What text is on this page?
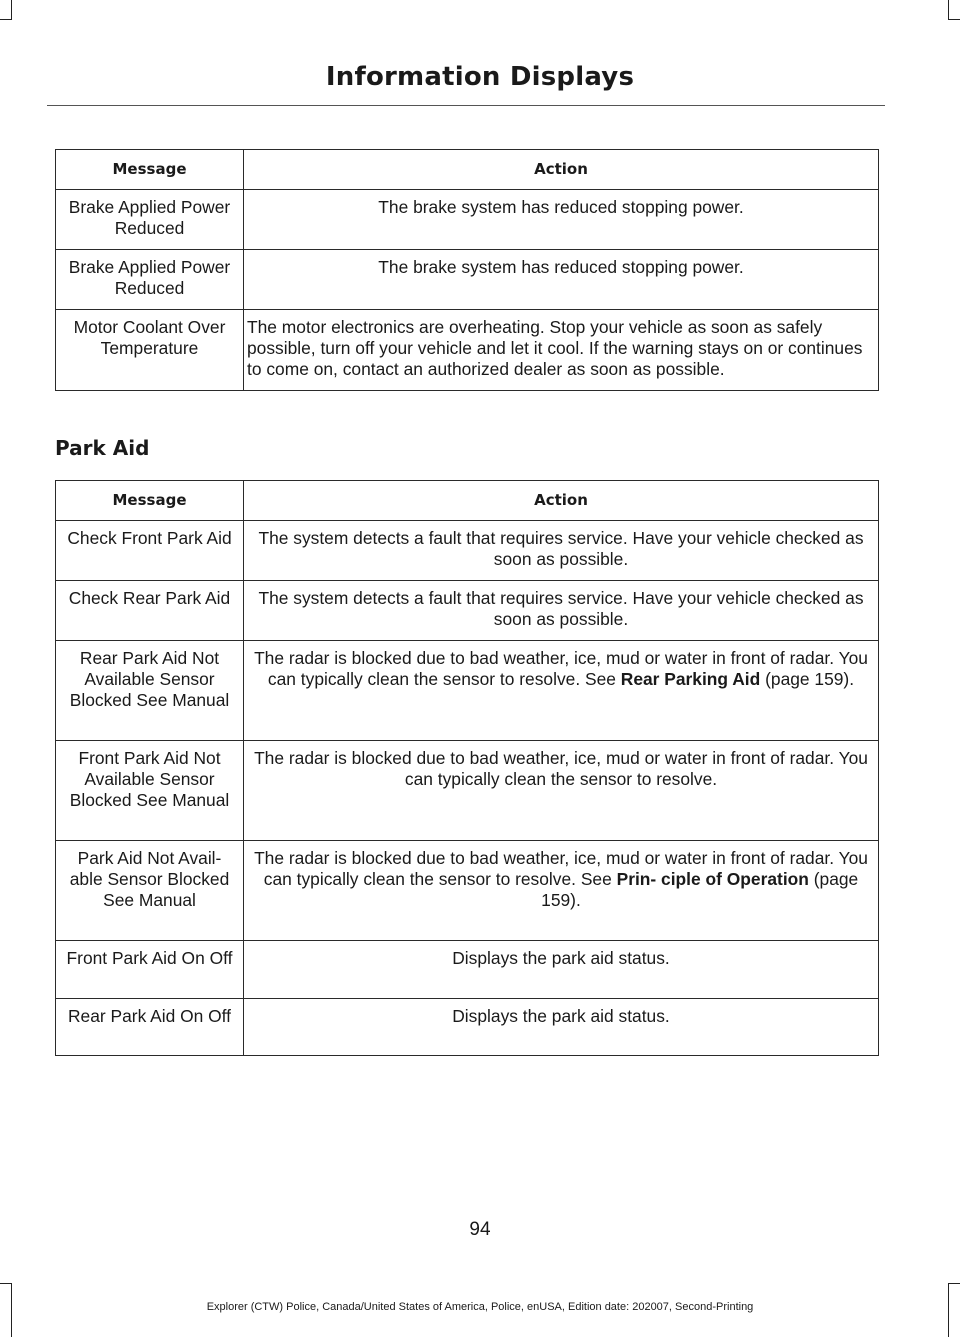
Information Displays
Message	Action
Brake Applied Power Reduced	The brake system has reduced stopping power.
Brake Applied Power Reduced	The brake system has reduced stopping power.
Motor Coolant Over Temperature	The motor electronics are overheating. Stop your vehicle as soon as safely possible, turn off your vehicle and let it cool. If the warning stays on or continues to come on, contact an authorized dealer as soon as possible.
Park Aid
Message	Action
Check Front Park Aid	The system detects a fault that requires service. Have your vehicle checked as soon as possible.
Check Rear Park Aid	The system detects a fault that requires service. Have your vehicle checked as soon as possible.
Rear Park Aid Not Available Sensor Blocked See Manual	The radar is blocked due to bad weather, ice, mud or water in front of radar. You can typically clean the sensor to resolve. See Rear Parking Aid (page 159).
Front Park Aid Not Available Sensor Blocked See Manual	The radar is blocked due to bad weather, ice, mud or water in front of radar. You can typically clean the sensor to resolve.
Park Aid Not Avail- able Sensor Blocked See Manual	The radar is blocked due to bad weather, ice, mud or water in front of radar. You can typically clean the sensor to resolve. See Prin- ciple of Operation (page 159).
Front Park Aid On Off	Displays the park aid status.
Rear Park Aid On Off	Displays the park aid status.
94
Explorer (CTW) Police, Canada/United States of America, Police, enUSA, Edition date: 202007, Second-Printing
